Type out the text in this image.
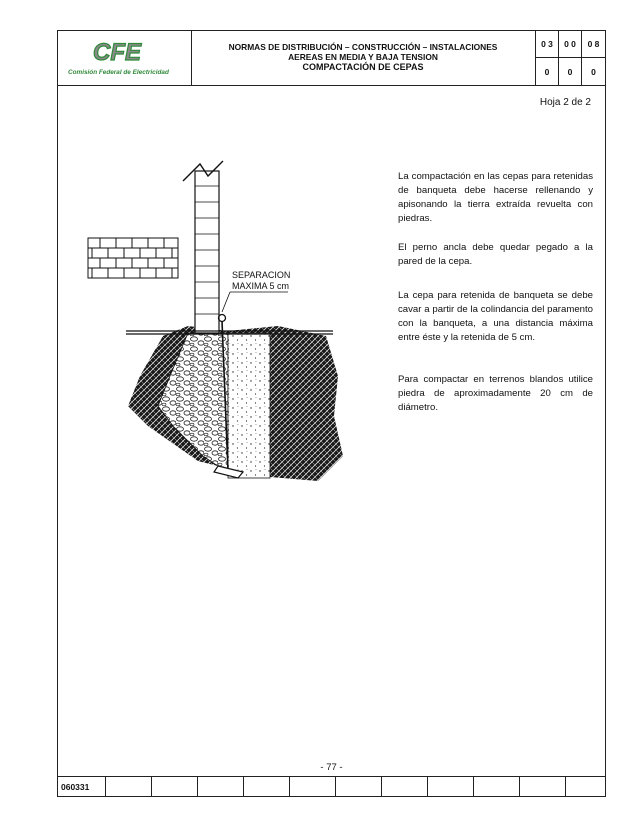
CFE
Comisión Federal de Electricidad
NORMAS DE DISTRIBUCIÓN – CONSTRUCCIÓN – INSTALACIONES
AEREAS EN MEDIA Y BAJA TENSION
COMPACTACIÓN DE CEPAS
0 3	0 0	0 8
0	0	0
Hoja 2 de 2
SEPARACION
MAXIMA 5 cm
La compactación en las cepas para retenidas de banqueta debe hacerse rellenando y apisonando la tierra extraída revuelta con piedras.
El perno ancla debe quedar pegado a la pared de la cepa.
La cepa para retenida de banqueta se debe cavar a partir de la colindancia del paramento con la banqueta, a una distancia máxima entre éste y la retenida de 5 cm.
Para compactar en terrenos blandos utilice piedra de aproximadamente 20 cm de diámetro.
- 77 -
060331
